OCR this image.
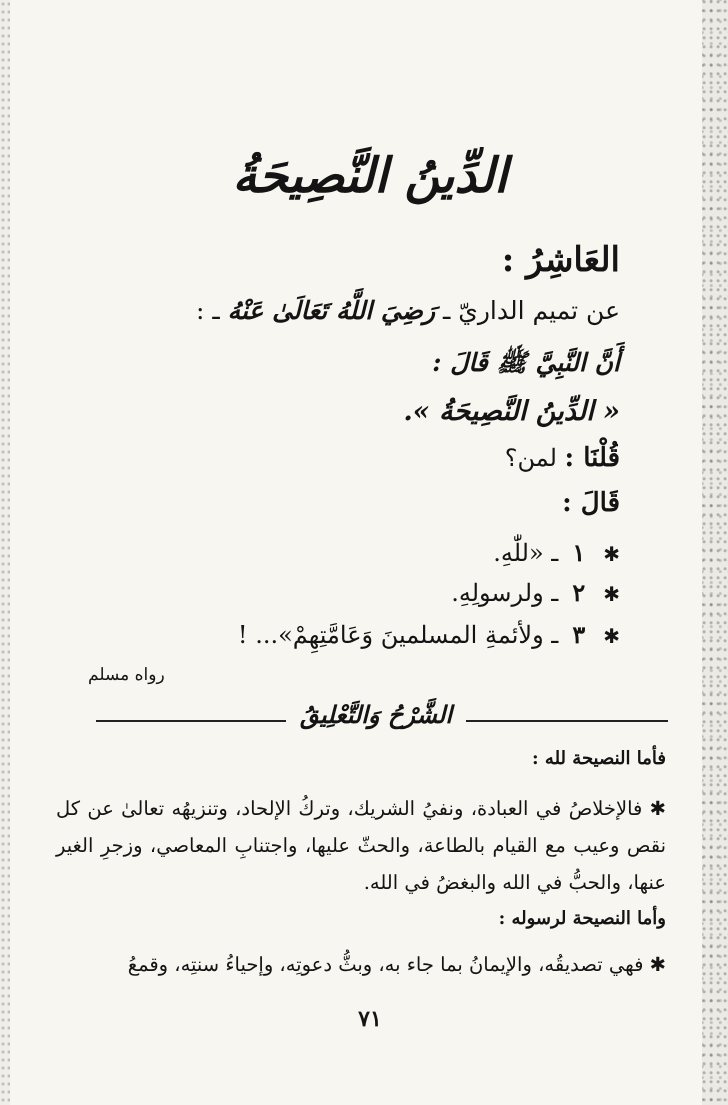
الدِّينُ النَّصِيحَةُ
العَاشِرُ :
عن تميم الداريّ ـ رَضِيَ اللَّهُ تَعَالَىٰ عَنْهُ ـ :
أَنَّ النَّبِيَّ ﷺ قَالَ :
« الدِّينُ النَّصِيحَةُ ».
قُلْنَا : لمن؟
قَالَ :
✱١ـ «للّٰهِ.
✱٢ـ ولرسولِهِ.
✱٣ـ ولأئمةِ المسلمينَ وَعَامَّتِهِمْ»... !
رواه مسلم
الشَّرْحُ وَالتَّعْلِيقُ
فأما النصيحة لله :
✱ فالإخلاصُ في العبادة، ونفيُ الشريك، وتركُ الإلحاد، وتنزيهُه تعالىٰ عن كل نقص وعيب مع القيام بالطاعة، والحثّ عليها، واجتنابِ المعاصي، وزجرِ الغير عنها، والحبُّ في الله والبغضُ في الله.
وأما النصيحة لرسوله :
✱ فهي تصديقُه، والإيمانُ بما جاء به، وبثُّ دعوتِه، وإحياءُ سنتِه، وقمعُ
٧١
